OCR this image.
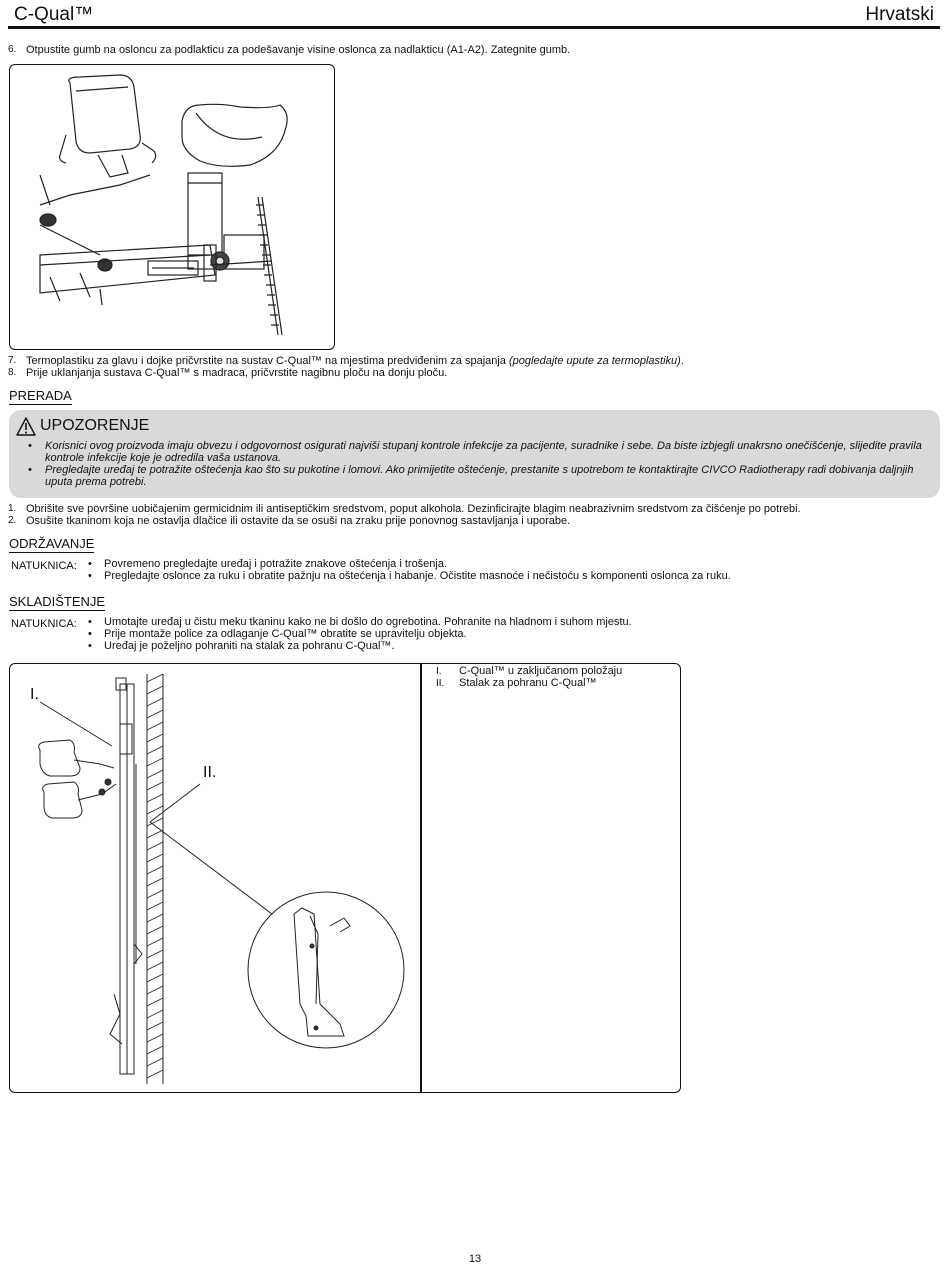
C-Qual™	Hrvatski
6. Otpustite gumb na osloncu za podlakticu za podešavanje visine oslonca za nadlakticu (A1-A2). Zategnite gumb.
7. Termoplastiku za glavu i dojke pričvrstite na sustav C-Qual™ na mjestima predviđenim za spajanja (pogledajte upute za termoplastiku).
8. Prije uklanjanja sustava C-Qual™ s madraca, pričvrstite nagibnu ploču na donju ploču.
PRERADA
UPOZORENJE
•	Korisnici ovog proizvoda imaju obvezu i odgovornost osigurati najviši stupanj kontrole infekcije za pacijente, suradnike i sebe. Da biste izbjegli unakrsno onečišćenje, slijedite pravila
kontrole infekcije koje je odredila vaša ustanova.
•	Pregledajte uređaj te potražite oštećenja kao što su pukotine i lomovi. Ako primijetite oštećenje, prestanite s upotrebom te kontaktirajte CIVCO Radiotherapy radi dobivanja daljnjih
uputa prema potrebi.
1. Obrišite sve površine uobičajenim germicidnim ili antiseptičkim sredstvom, poput alkohola. Dezinficirajte blagim neabrazivnim sredstvom za čišćenje po potrebi.
2. Osušite tkaninom koja ne ostavlja dlačice ili ostavite da se osuši na zraku prije ponovnog sastavljanja i uporabe.
ODRŽAVANJE
NATUKNICA: • Povremeno pregledajte uređaj i potražite znakove oštećenja i trošenja.
• Pregledajte oslonce za ruku i obratite pažnju na oštećenja i habanje. Očistite masnoće i nečistoću s komponenti oslonca za ruku.
SKLADIŠTENJE
NATUKNICA: • Umotajte uređaj u čistu meku tkaninu kako ne bi došlo do ogrebotina. Pohranite na hladnom i suhom mjestu.
• Prije montaže police za odlaganje C-Qual™ obratite se upravitelju objekta.
• Uređaj je poželjno pohraniti na stalak za pohranu C-Qual™.
I.
II.
I. C-Qual™ u zaključanom položaju
II. Stalak za pohranu C-Qual™
13
